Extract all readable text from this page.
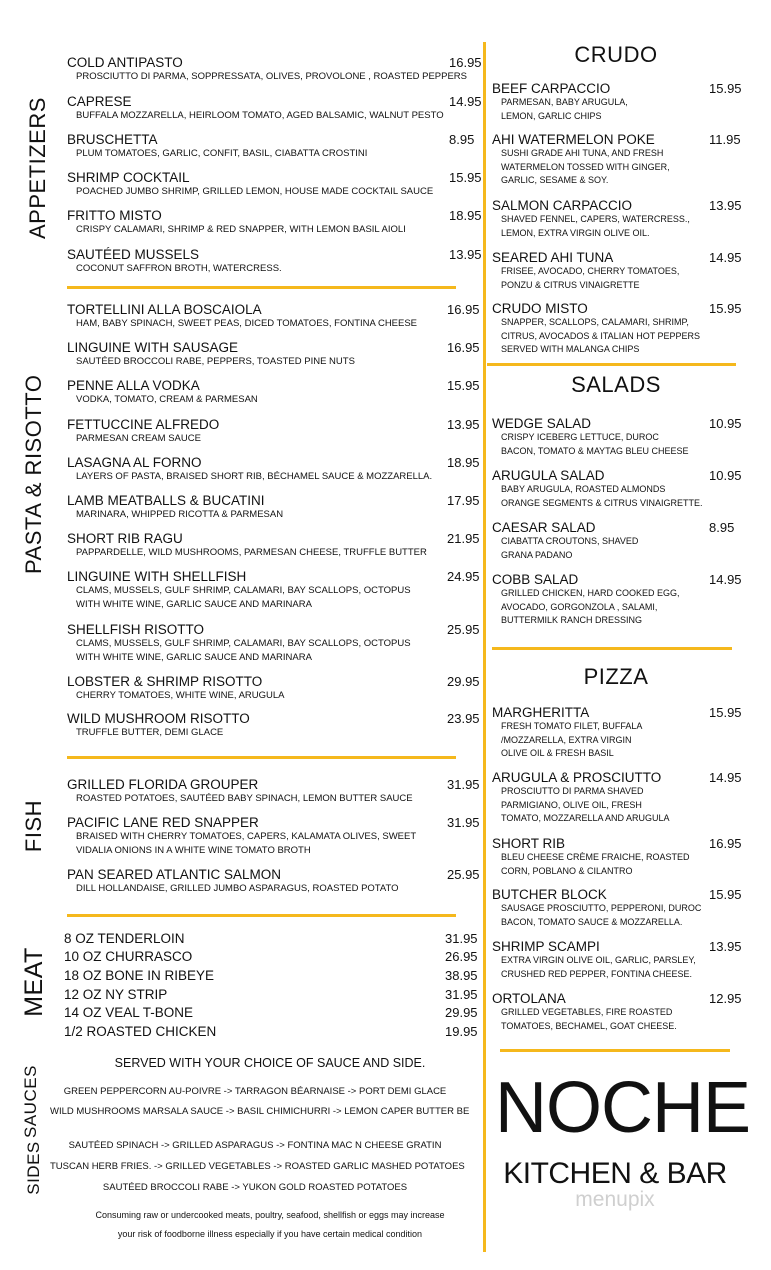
APPETIZERS
PASTA & RISOTTO
FISH
MEAT
SAUCES
SIDES
COLD ANTIPASTO
PROSCIUTTO DI PARMA, SOPPRESSATA, OLIVES, PROVOLONE , ROASTED PEPPERS
16.95
CAPRESE
BUFFALA MOZZARELLA, HEIRLOOM TOMATO, AGED BALSAMIC, WALNUT PESTO
14.95
BRUSCHETTA
PLUM TOMATOES, GARLIC, CONFIT, BASIL, CIABATTA CROSTINI
8.95
SHRIMP COCKTAIL
POACHED JUMBO SHRIMP, GRILLED LEMON, HOUSE MADE COCKTAIL SAUCE
15.95
FRITTO MISTO
CRISPY CALAMARI, SHRIMP & RED SNAPPER, WITH LEMON BASIL AIOLI
18.95
SAUTÉED MUSSELS
COCONUT SAFFRON BROTH, WATERCRESS.
13.95
TORTELLINI ALLA BOSCAIOLA
HAM, BABY SPINACH, SWEET PEAS, DICED TOMATOES, FONTINA CHEESE
16.95
LINGUINE WITH SAUSAGE
SAUTÉED BROCCOLI RABE, PEPPERS, TOASTED PINE NUTS
16.95
PENNE ALLA VODKA
VODKA, TOMATO, CREAM & PARMESAN
15.95
FETTUCCINE ALFREDO
PARMESAN CREAM SAUCE
13.95
LASAGNA AL FORNO
LAYERS OF PASTA, BRAISED SHORT RIB, BÉCHAMEL SAUCE & MOZZARELLA.
18.95
LAMB MEATBALLS & BUCATINI
MARINARA, WHIPPED RICOTTA & PARMESAN
17.95
SHORT RIB RAGU
PAPPARDELLE, WILD MUSHROOMS, PARMESAN CHEESE, TRUFFLE BUTTER
21.95
LINGUINE WITH SHELLFISH
CLAMS, MUSSELS, GULF SHRIMP, CALAMARI, BAY SCALLOPS, OCTOPUS
WITH WHITE WINE, GARLIC SAUCE AND MARINARA
24.95
SHELLFISH RISOTTO
CLAMS, MUSSELS, GULF SHRIMP, CALAMARI, BAY SCALLOPS, OCTOPUS
WITH WHITE WINE, GARLIC SAUCE AND MARINARA
25.95
LOBSTER & SHRIMP RISOTTO
CHERRY TOMATOES, WHITE WINE, ARUGULA
29.95
WILD MUSHROOM RISOTTO
TRUFFLE BUTTER, DEMI GLACE
23.95
GRILLED FLORIDA GROUPER
ROASTED POTATOES, SAUTÉED BABY SPINACH, LEMON BUTTER SAUCE
31.95
PACIFIC LANE RED SNAPPER
BRAISED WITH CHERRY TOMATOES, CAPERS, KALAMATA OLIVES, SWEET
VIDALIA ONIONS IN A WHITE WINE TOMATO BROTH
31.95
PAN SEARED ATLANTIC SALMON
DILL HOLLANDAISE, GRILLED JUMBO ASPARAGUS, ROASTED POTATO
25.95
8 OZ TENDERLOIN	31.95
10 OZ CHURRASCO	26.95
18 OZ BONE IN RIBEYE	38.95
12 OZ NY STRIP	31.95
14 OZ VEAL T-BONE	29.95
1/2 ROASTED CHICKEN	19.95
SERVED WITH YOUR CHOICE OF SAUCE AND SIDE.
GREEN PEPPERCORN AU-POIVRE -> TARRAGON BÉARNAISE -> PORT DEMI GLACE
WILD MUSHROOMS MARSALA SAUCE -> BASIL CHIMICHURRI -> LEMON CAPER BUTTER BE
SAUTÉED SPINACH -> GRILLED ASPARAGUS -> FONTINA MAC N CHEESE GRATIN
TUSCAN HERB FRIES. -> GRILLED VEGETABLES -> ROASTED GARLIC MASHED POTATOES
SAUTÉED BROCCOLI RABE -> YUKON GOLD ROASTED POTATOES
Consuming raw or undercooked meats, poultry, seafood, shellfish or eggs may increase
your risk of foodborne illness especially if you have certain medical condition
CRUDO
SALADS
PIZZA
BEEF CARPACCIO
PARMESAN, BABY ARUGULA,
LEMON, GARLIC CHIPS
15.95
AHI WATERMELON POKE
SUSHI GRADE AHI TUNA, AND FRESH
WATERMELON TOSSED WITH GINGER,
GARLIC, SESAME & SOY.
11.95
SALMON CARPACCIO
SHAVED FENNEL, CAPERS, WATERCRESS.,
LEMON, EXTRA VIRGIN OLIVE OIL.
13.95
SEARED AHI TUNA
FRISEE, AVOCADO, CHERRY TOMATOES,
PONZU & CITRUS VINAIGRETTE
14.95
CRUDO MISTO
SNAPPER, SCALLOPS, CALAMARI, SHRIMP,
CITRUS, AVOCADOS & ITALIAN HOT PEPPERS
SERVED WITH MALANGA CHIPS
15.95
WEDGE SALAD
CRISPY ICEBERG LETTUCE, DUROC
BACON, TOMATO & MAYTAG BLEU CHEESE
10.95
ARUGULA SALAD
BABY ARUGULA, ROASTED ALMONDS
ORANGE SEGMENTS & CITRUS VINAIGRETTE.
10.95
CAESAR SALAD
CIABATTA CROUTONS, SHAVED
GRANA PADANO
8.95
COBB SALAD
GRILLED CHICKEN, HARD COOKED EGG,
AVOCADO, GORGONZOLA , SALAMI,
BUTTERMILK RANCH DRESSING
14.95
MARGHERITTA
FRESH TOMATO FILET, BUFFALA
/MOZZARELLA, EXTRA VIRGIN
OLIVE OIL & FRESH BASIL
15.95
ARUGULA & PROSCIUTTO
PROSCIUTTO DI PARMA SHAVED
PARMIGIANO, OLIVE OIL, FRESH
TOMATO, MOZZARELLA AND ARUGULA
14.95
SHORT RIB
BLEU CHEESE CRÈME FRAICHE, ROASTED
CORN, POBLANO & CILANTRO
16.95
BUTCHER BLOCK
SAUSAGE PROSCIUTTO, PEPPERONI, DUROC
BACON, TOMATO SAUCE & MOZZARELLA.
15.95
SHRIMP SCAMPI
EXTRA VIRGIN OLIVE OIL, GARLIC, PARSLEY,
CRUSHED RED PEPPER, FONTINA CHEESE.
13.95
ORTOLANA
GRILLED VEGETABLES, FIRE ROASTED
TOMATOES, BECHAMEL, GOAT CHEESE.
12.95
NOCHE
KITCHEN & BAR
menupix
